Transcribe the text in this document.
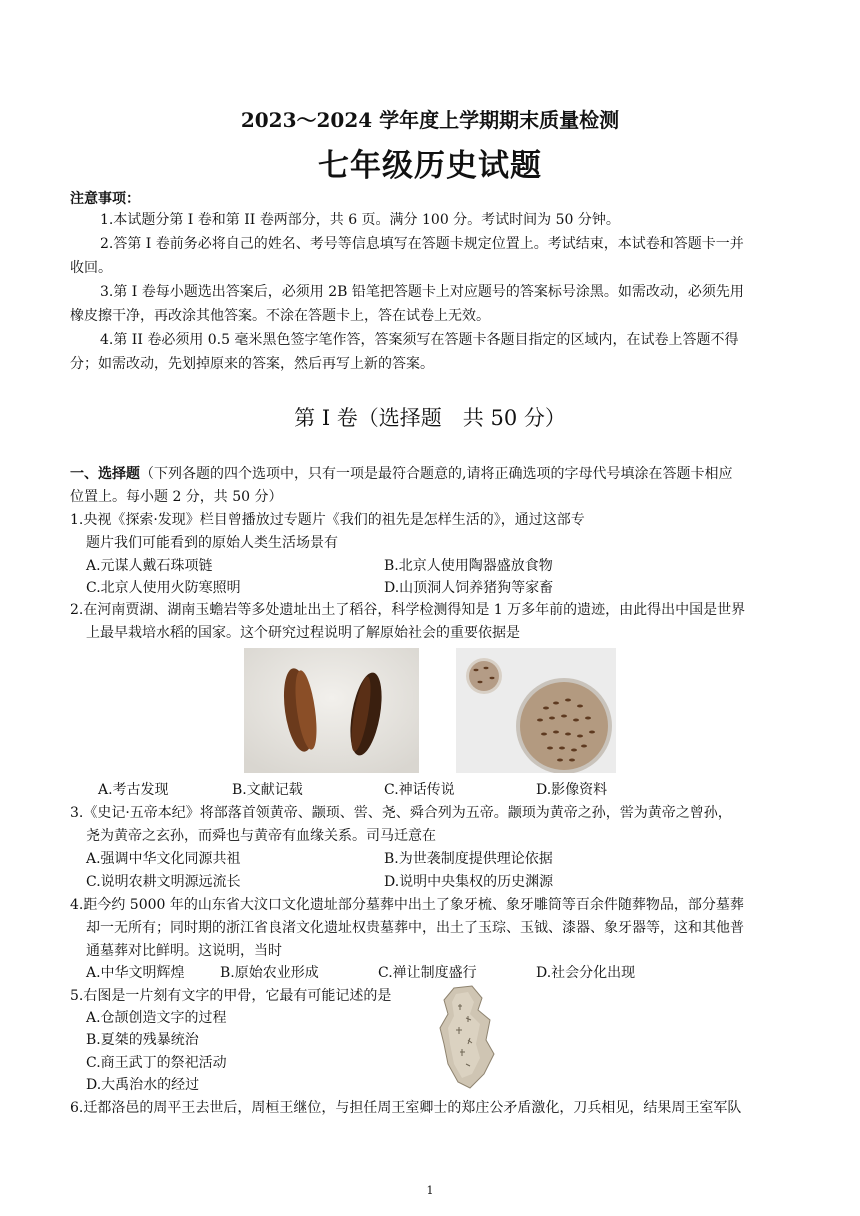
2023～2024 学年度上学期期末质量检测
七年级历史试题
注意事项：
1.本试题分第 I 卷和第 II 卷两部分，共 6 页。满分 100 分。考试时间为 50 分钟。
2.答第 I 卷前务必将自己的姓名、考号等信息填写在答题卡规定位置上。考试结束，本试卷和答题卡一并
收回。
3.第 I 卷每小题选出答案后，必须用 2B 铅笔把答题卡上对应题号的答案标号涂黑。如需改动，必须先用
橡皮擦干净，再改涂其他答案。不涂在答题卡上，答在试卷上无效。
4.第 II 卷必须用 0.5 毫米黑色签字笔作答，答案须写在答题卡各题目指定的区域内，在试卷上答题不得
分；如需改动，先划掉原来的答案，然后再写上新的答案。
第 I 卷（选择题　共 50 分）
一、选择题（下列各题的四个选项中，只有一项是最符合题意的,请将正确选项的字母代号填涂在答题卡相应
位置上。每小题 2 分，共 50 分）
1.央视《探索·发现》栏目曾播放过专题片《我们的祖先是怎样生活的》，通过这部专
题片我们可能看到的原始人类生活场景有
A.元谋人戴石珠项链	B.北京人使用陶器盛放食物
C.北京人使用火防寒照明	D.山顶洞人饲养猪狗等家畜
2.在河南贾湖、湖南玉蟾岩等多处遗址出土了稻谷，科学检测得知是 1 万多年前的遗迹，由此得出中国是世界
上最早栽培水稻的国家。这个研究过程说明了解原始社会的重要依据是
A.考古发现	B.文献记载	C.神话传说	D.影像资料
3.《史记·五帝本纪》将部落首领黄帝、颛顼、喾、尧、舜合列为五帝。颛顼为黄帝之孙，喾为黄帝之曾孙，
尧为黄帝之玄孙，而舜也与黄帝有血缘关系。司马迁意在
A.强调中华文化同源共祖	B.为世袭制度提供理论依据
C.说明农耕文明源远流长	D.说明中央集权的历史渊源
4.距今约 5000 年的山东省大汶口文化遗址部分墓葬中出土了象牙梳、象牙雕筒等百余件随葬物品，部分墓葬
却一无所有；同时期的浙江省良渚文化遗址权贵墓葬中，出土了玉琮、玉钺、漆器、象牙器等，这和其他普
通墓葬对比鲜明。这说明，当时
A.中华文明辉煌	B.原始农业形成	C.禅让制度盛行	D.社会分化出现
5.右图是一片刻有文字的甲骨，它最有可能记述的是
A.仓颉创造文字的过程
B.夏桀的残暴统治
C.商王武丁的祭祀活动
D.大禹治水的经过
6.迁都洛邑的周平王去世后，周桓王继位，与担任周王室卿士的郑庄公矛盾激化，刀兵相见，结果周王室军队
1
